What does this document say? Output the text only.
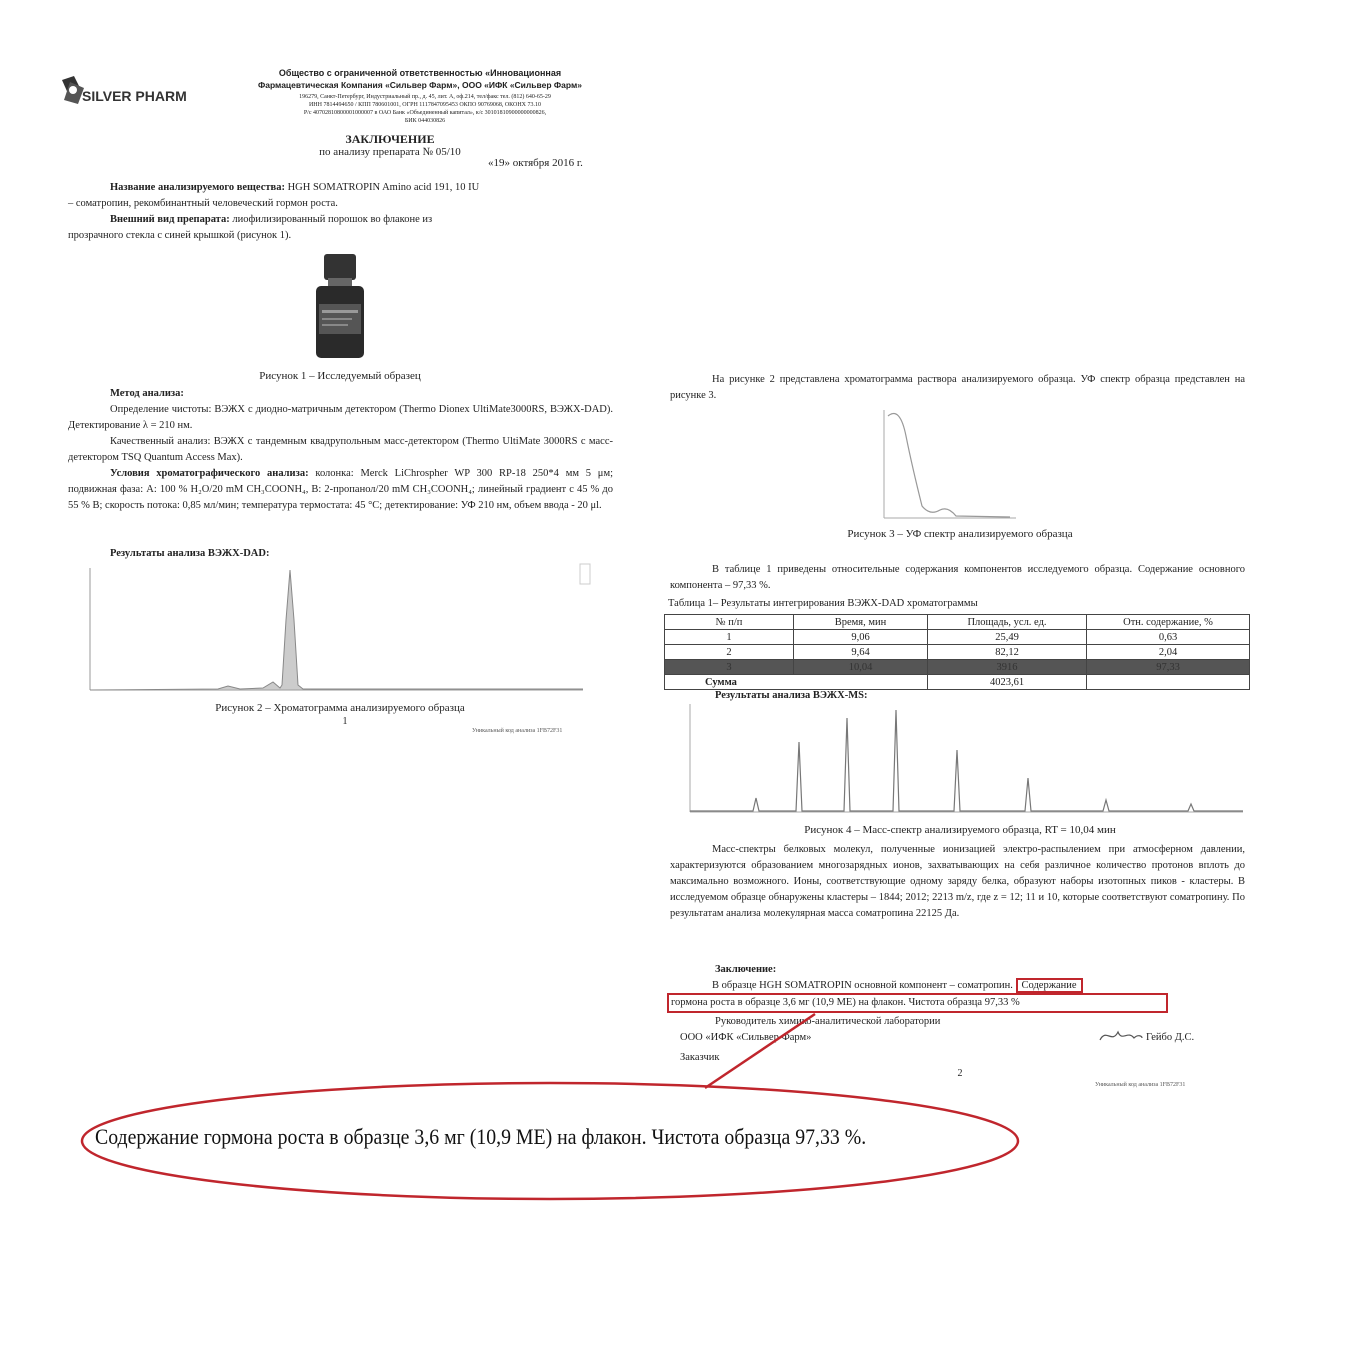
SILVER PHARM
Общество с ограниченной ответственностью «Инновационная
Фармацевтическая Компания «Сильвер Фарм», ООО «ИФК «Сильвер Фарм»
196279, Санкт-Петербург, Индустриальный пр., д. 45, лит. А, оф.214, тел/факс тел. (812) 640-65-29
ИНН 7814494650 / КПП 780601001, ОГРН 1117847095453 ОКПО 90769068, ОКОНХ 73.10
Р/с 40702810800001000007 в ОАО Банк «Объединенный капитал», к/с 30101810900000000826,
БИК 044030826
ЗАКЛЮЧЕНИЕ
по анализу препарата № 05/10
«19» октября 2016 г.
Название анализируемого вещества: HGH SOMATROPIN Amino acid 191, 10 IU
– соматропин, рекомбинантный человеческий гормон роста.
Внешний вид препарата: лиофилизированный порошок во флаконе из
прозрачного стекла с синей крышкой (рисунок 1).
Рисунок 1 – Исследуемый образец
Метод анализа:
Определение чистоты: ВЭЖХ с диодно-матричным детектором (Thermo Dionex UltiMate3000RS, ВЭЖХ-DAD). Детектирование λ = 210 нм.
Качественный анализ: ВЭЖХ с тандемным квадрупольным масс-детектором (Thermo UltiMate 3000RS с масс-детектором TSQ Quantum Access Max).
Условия хроматографического анализа: колонка: Merck LiChrospher WP 300 RP-18 250*4 мм 5 μм; подвижная фаза: А: 100 % H₂O/20 mM CH₃COONH₄, B: 2-пропанол/20 mM CH₃COONH₄; линейный градиент с 45 % до 55 % B; скорость потока: 0,85 мл/мин; температура термостата: 45 °C; детектирование: УФ 210 нм, объем ввода - 20 μl.
Результаты анализа ВЭЖХ-DAD:
Рисунок 2 – Хроматограмма анализируемого образца
1
Уникальный код анализа 1FB72F31
На рисунке 2 представлена хроматограмма раствора анализируемого образца. УФ спектр образца представлен на рисунке 3.
Рисунок 3 – УФ спектр анализируемого образца
В таблице 1 приведены относительные содержания компонентов исследуемого образца. Содержание основного компонента – 97,33 %.
Таблица 1– Результаты интегрирования ВЭЖХ-DAD хроматограммы
№ п/п	Время, мин	Площадь, усл. ед.	Отн. содержание, %
1	9,06	25,49	0,63
2	9,64	82,12	2,04
3	10,04	3916	97,33
Сумма		4023,61	
Результаты анализа ВЭЖХ-MS:
Рисунок 4 – Масс-спектр анализируемого образца, RT = 10,04 мин
Масс-спектры белковых молекул, полученные ионизацией электро-распылением при атмосферном давлении, характеризуются образованием многозарядных ионов, захватывающих на себя различное количество протонов вплоть до максимально возможного. Ионы, соответствующие одному заряду белка, образуют наборы изотопных пиков - кластеры. В исследуемом образце обнаружены кластеры – 1844; 2012; 2213 m/z, где z = 12; 11 и 10, которые соответствуют соматропину. По результатам анализа молекулярная масса соматропина 22125 Да.
Заключение:
В образце HGH SOMATROPIN основной компонент – соматропин. Содержание
гормона роста в образце 3,6 мг (10,9 МЕ) на флакон. Чистота образца 97,33 %
Руководитель химико-аналитической лаборатории
ООО «ИФК «Сильвер Фарм»	Гейбо Д.С.
Заказчик
2
Уникальный код анализа 1FB72F31
Содержание гормона роста в образце 3,6 мг (10,9 МЕ) на флакон. Чистота образца 97,33 %.
